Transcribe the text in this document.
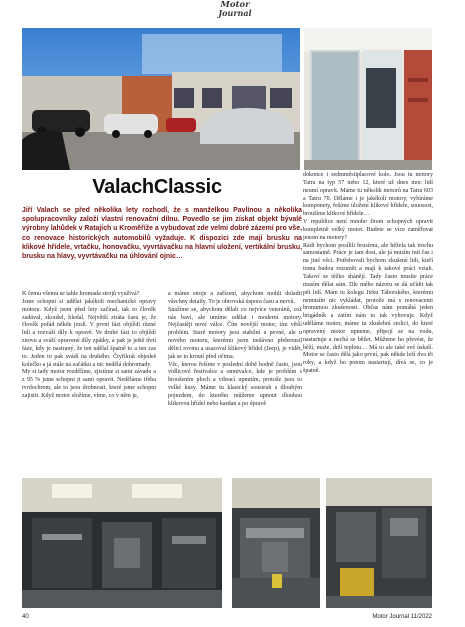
Motor
Journal
ValachClassic
Jiří Valach se před několika lety rozhodl, že s manželkou Pavlínou a několika spolupracovníky založí vlastní renovační dílnu. Povedlo se jim získat objekt bývalé výrobny lahůdek v Ratajích u Kroměříže a vybudovat zde velmi dobré zázemí pro vše, co renovace historických automobilů vyžaduje. K dispozici zde mají brusku na klikové hřídele, vrtačku, honovačku, vyvrtávačku na hlavní uložení, vertikální brusku, brusku na hlavy, vyvrtávačku na úhlování ojnic…

K čemu všemu se tahle hromada strojů využívá?
Jsme schopni si udělat jakékoli mechanické opravy motoru. Když jsem před lety začínal, tak to člověk zadával, zkoušel, hledal. Největší ztráta času je, že člověk pořád někde jezdí. V první fázi objíždí různé lidi a rozváží díly k opravě. Ve druhé fázi to objíždí znovu a sváží opravené díly zpátky, a pak je ještě třetí fáze, kdy je nastraný, že ten udělal špatně to a ten zas to. Jeden to pak svádí na druhého. Čtyřikrát objedeš kolečko a já stále na začátku a nic nedělá dohromady.
My si tady motor rozdělíme, zjistíme si sami závadu a z 95 % jsme schopni ji sami opravit. Neděláme třeba tvrdochrom, ale to jsou drobnosti, které jsme schopni zajistit. Když motor složíme, víme, co v něm je,

a máme stroje a zařízení, abychom mohli doladit všechny detaily. To je obrovská úspora času a nervů.
Snažíme se, abychom dělali co nejvíce veteránů, což nás baví, ale umíme udělat i moderní motory. Nejčastěji nové válce. Čím novější motor, tím větší problém. Staré motory jsou stabilní a pevné, ale u nového motoru, kterému jsem nedávno přebrousil dělicí rovinu a usazoval klikový hřídel (Jeep), je vidět, jak se to kroutí před očima.
Věc, kterou řešíme v poslední době hodně často, jsou vidlicové řestivalce a omnivalce, kde je problém s broušením ploch a vibrací upnutím, protože jsou to velké kusy. Máme tu klasický soustruh s dlouhým pojezdem, do kterého můžeme upnout dlouhou klikovou hřídel nebo kardan a po úpravě

dokonce i sedmměstiplacové kolo. Jsou tu motory Tatra na typ 57 nebo 12, které už dnes moc lidí neumí opravit. Máme tu několik motorů na Tatra 603 a Tatru 70. Děláme i je jakékoli motory, vybíráme komponety, řešíme uložení klikové hřídele, souosost, broušíme klikové hřídele…
V republice není mnoho firem schopných opravit kompletně velký motor. Budete se více zaměřovat jenom na motory?
Rádi bychom posílili brusírnu, ale běžela tak trochu samostatně. Práce je tam dost, ale já musím mít čas i na jiné věci. Potřebovali bychom zkušené lidi, kteří tomu budou rozumět a mají k takové práci vztah. Takoví se těžko shánějí. Tady často musíte práce musím dělat sám. Dle mého názoru se dá učídit tak pět lidí. Mám tu kolegu Jirku Táborského, kterému nemusím nic vykládat, protože má s renovacemi bronumou zkušenosti. Občas nám pomáhá jeden brigádník a zatím nám to tak vyhovuje. Když uděláme motor, máme tu zkušební stolici, do které opravený motor upneme, připojí se na vodu, nastartuje a nechá se běžet. Můžeme ho převést, že běží, maže, drží teplotu… Má to ale také své úskalí. Motor se často dělá jako první, pak někde leží dva tři roky, a když ho potom nastartují, dívá se, co je špatně.

40	Motor Journal 11/2022
